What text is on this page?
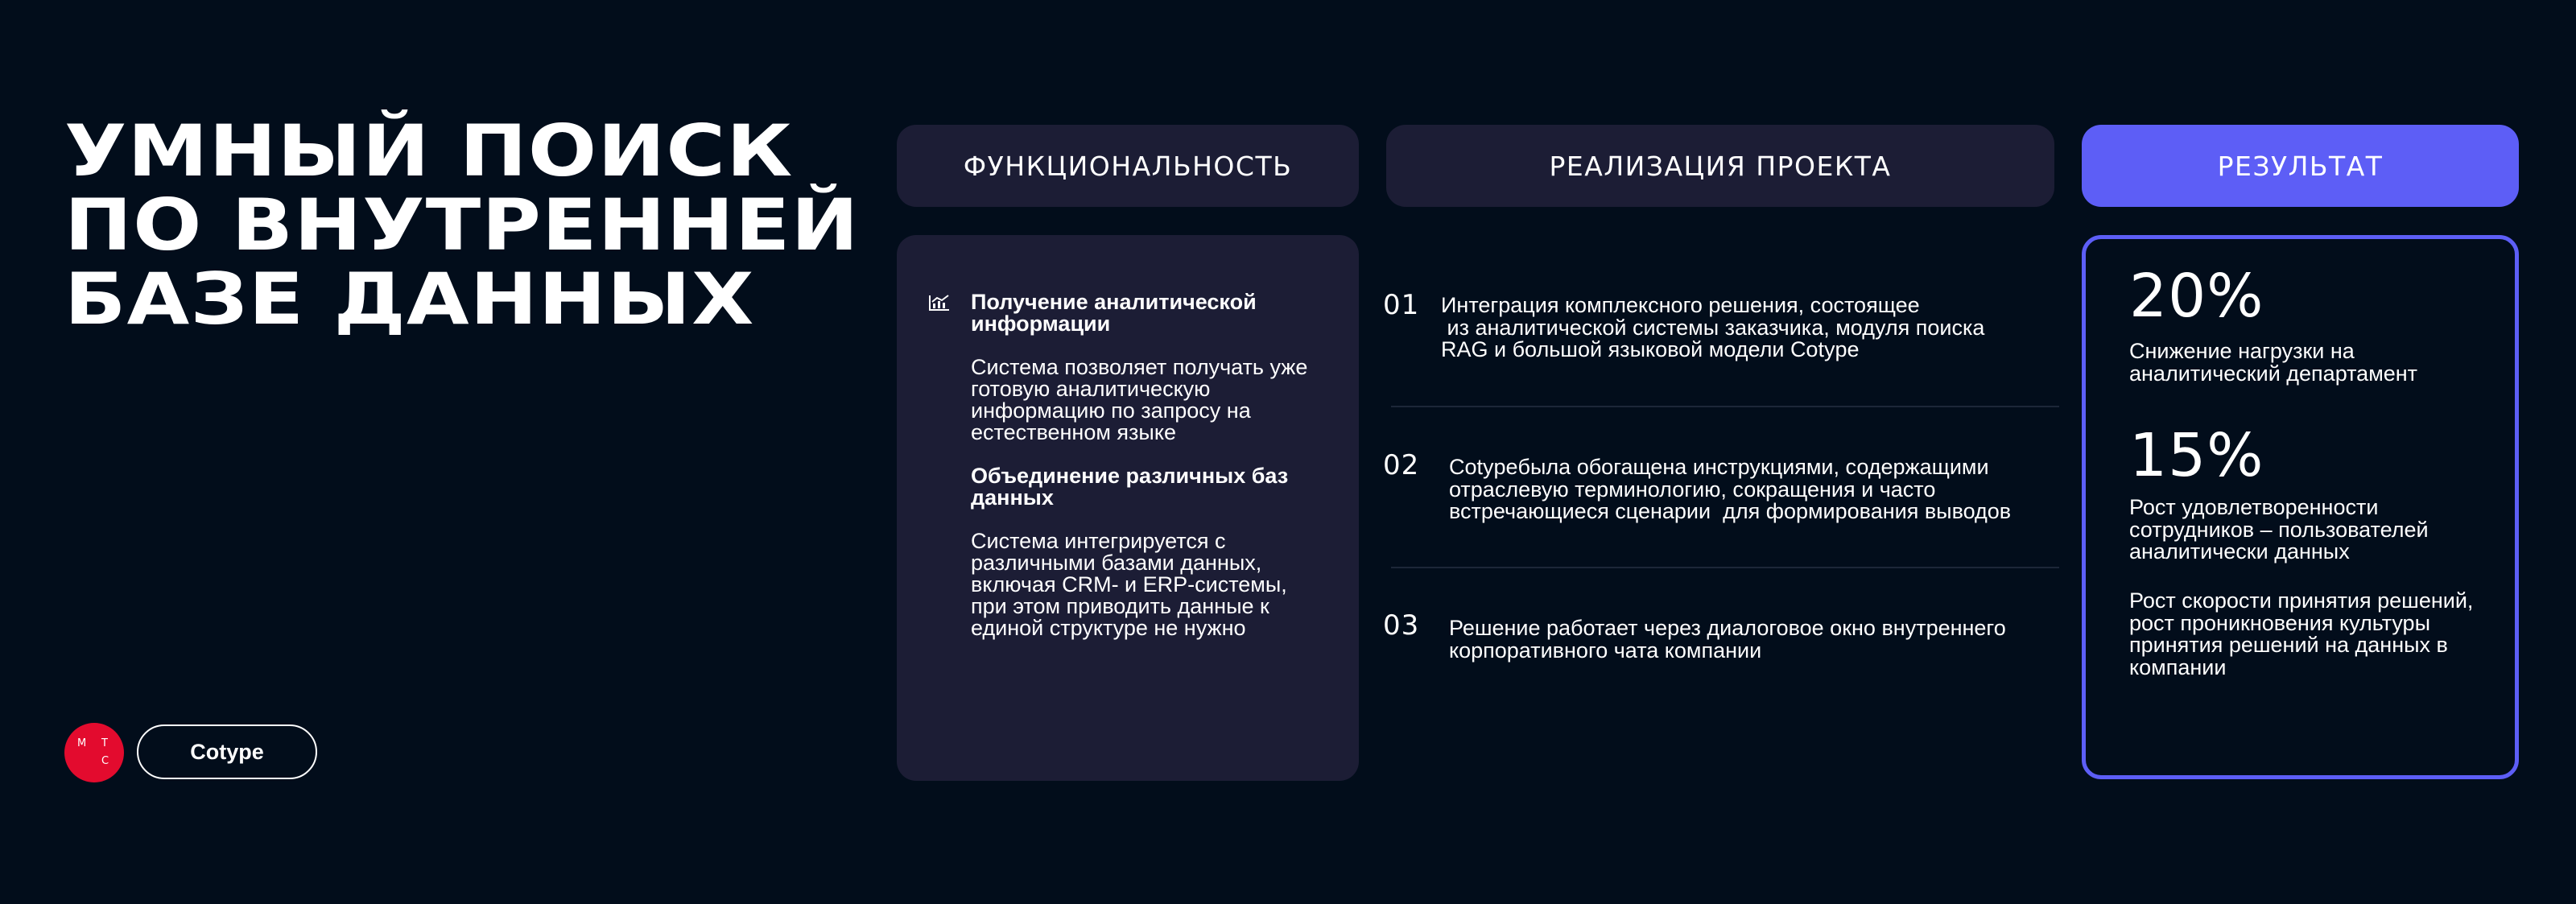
УМНЫЙ ПОИСК
ПО ВНУТРЕННЕЙ
БАЗЕ ДАННЫХ
ФУНКЦИОНАЛЬНОСТЬ	РЕАЛИЗАЦИЯ ПРОЕКТА	РЕЗУЛЬТАТ
Получение аналитической информации
Система позволяет получать уже готовую аналитическую информацию по запросу на естественном языке
Объединение различных баз данных
Система интегрируется с различными базами данных, включая CRM- и ERP-системы, при этом приводить данные к единой структуре не нужно
01 Интеграция комплексного решения, состоящее
из аналитической системы заказчика, модуля поиска
RAG и большой языковой модели Cotype
02 Cotypeбыла обогащена инструкциями, содержащими
отраслевую терминологию, сокращения и часто
встречающиеся сценарии  для формирования выводов
03 Решение работает через диалоговое окно внутреннего
корпоративного чата компании
20%
Снижение нагрузки на аналитический департамент
15%
Рост удовлетворенности сотрудников – пользователей аналитически данных
Рост скорости принятия решений, рост проникновения культуры принятия решений на данных в компании
М Т
С	Cotype
